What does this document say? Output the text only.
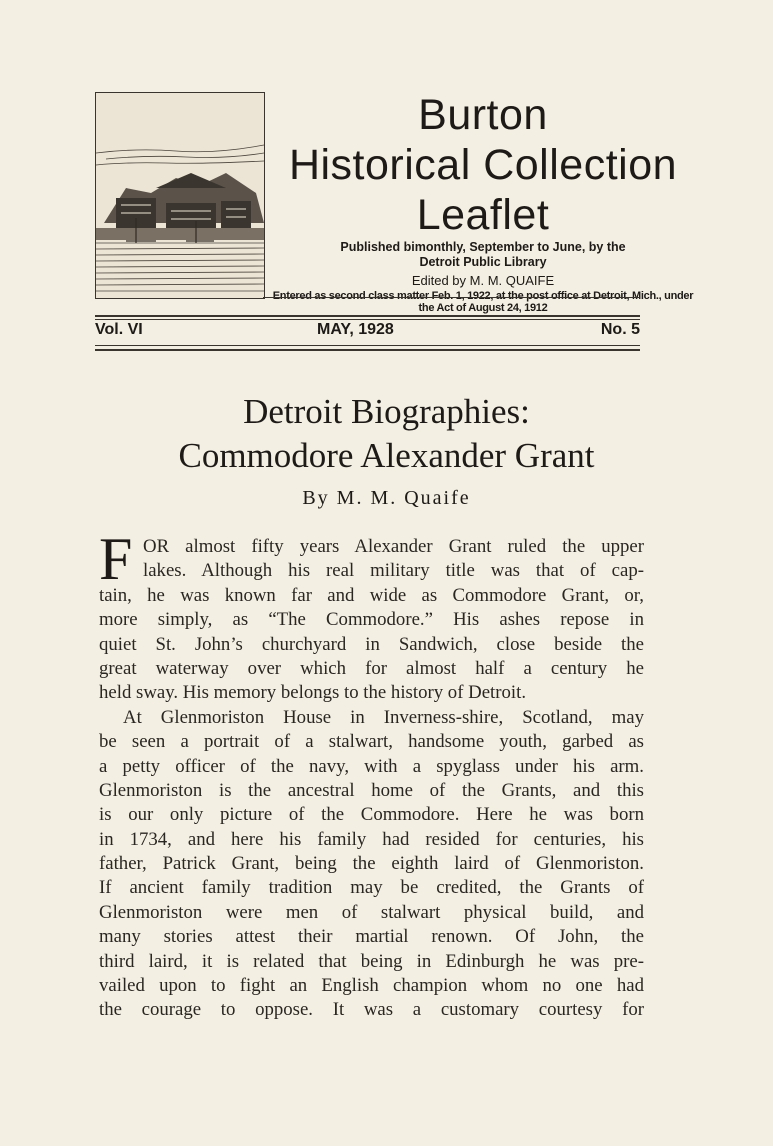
Burton
Historical Collection
Leaflet
Published bimonthly, September to June, by the
Detroit Public Library
Edited by M. M. QUAIFE
Entered as second class matter Feb. 1, 1922, at the post office at Detroit, Mich., under
the Act of August 24, 1912
Vol. VI	MAY, 1928	No. 5
Detroit Biographies:
Commodore Alexander Grant
By M. M. Quaife
F OR almost fifty years Alexander Grant ruled the upper
lakes. Although his real military title was that of cap-
tain, he was known far and wide as Commodore Grant, or,
more simply, as “The Commodore.” His ashes repose in
quiet St. John’s churchyard in Sandwich, close beside the
great waterway over which for almost half a century he
held sway. His memory belongs to the history of Detroit.
At Glenmoriston House in Inverness-shire, Scotland, may
be seen a portrait of a stalwart, handsome youth, garbed as
a petty officer of the navy, with a spyglass under his arm.
Glenmoriston is the ancestral home of the Grants, and this
is our only picture of the Commodore. Here he was born
in 1734, and here his family had resided for centuries, his
father, Patrick Grant, being the eighth laird of Glenmoriston.
If ancient family tradition may be credited, the Grants of
Glenmoriston were men of stalwart physical build, and
many stories attest their martial renown. Of John, the
third laird, it is related that being in Edinburgh he was pre-
vailed upon to fight an English champion whom no one had
the courage to oppose. It was a customary courtesy for
